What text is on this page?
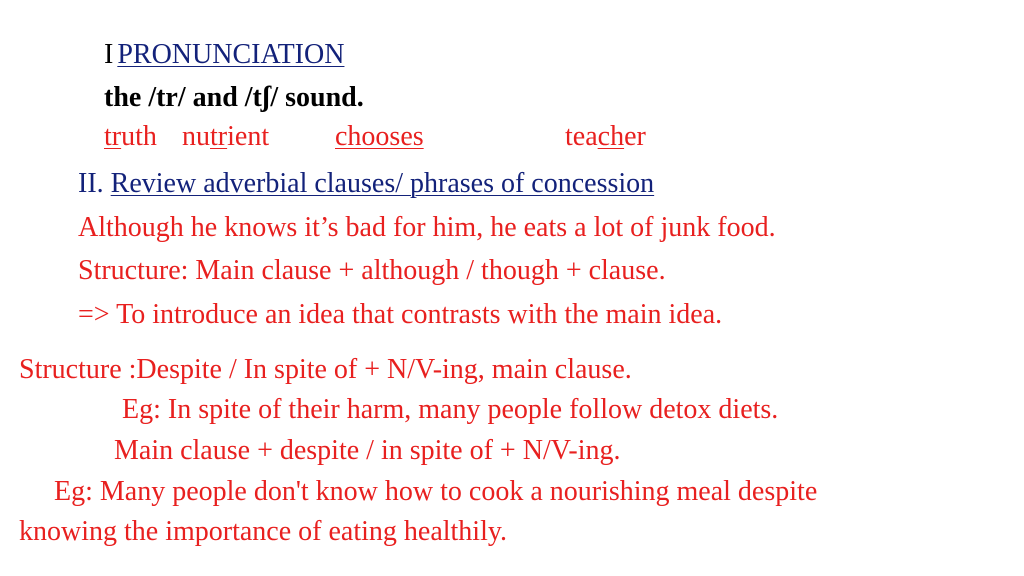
I PRONUNCIATION
the /tr/ and /tʃ/ sound.
truth nutrient chooses	teacher
II. Review adverbial clauses/ phrases of concession
Although he knows it’s bad for him, he eats a lot of junk food.
Structure: Main clause + although / though + clause.
=> To introduce an idea that contrasts with the main idea.
Structure :Despite / In spite of + N/V-ing, main clause.
Eg: In spite of their harm, many people follow detox diets.
Main clause + despite / in spite of + N/V-ing.
Eg: Many people don't know how to cook a nourishing meal despite
knowing the importance of eating healthily.
